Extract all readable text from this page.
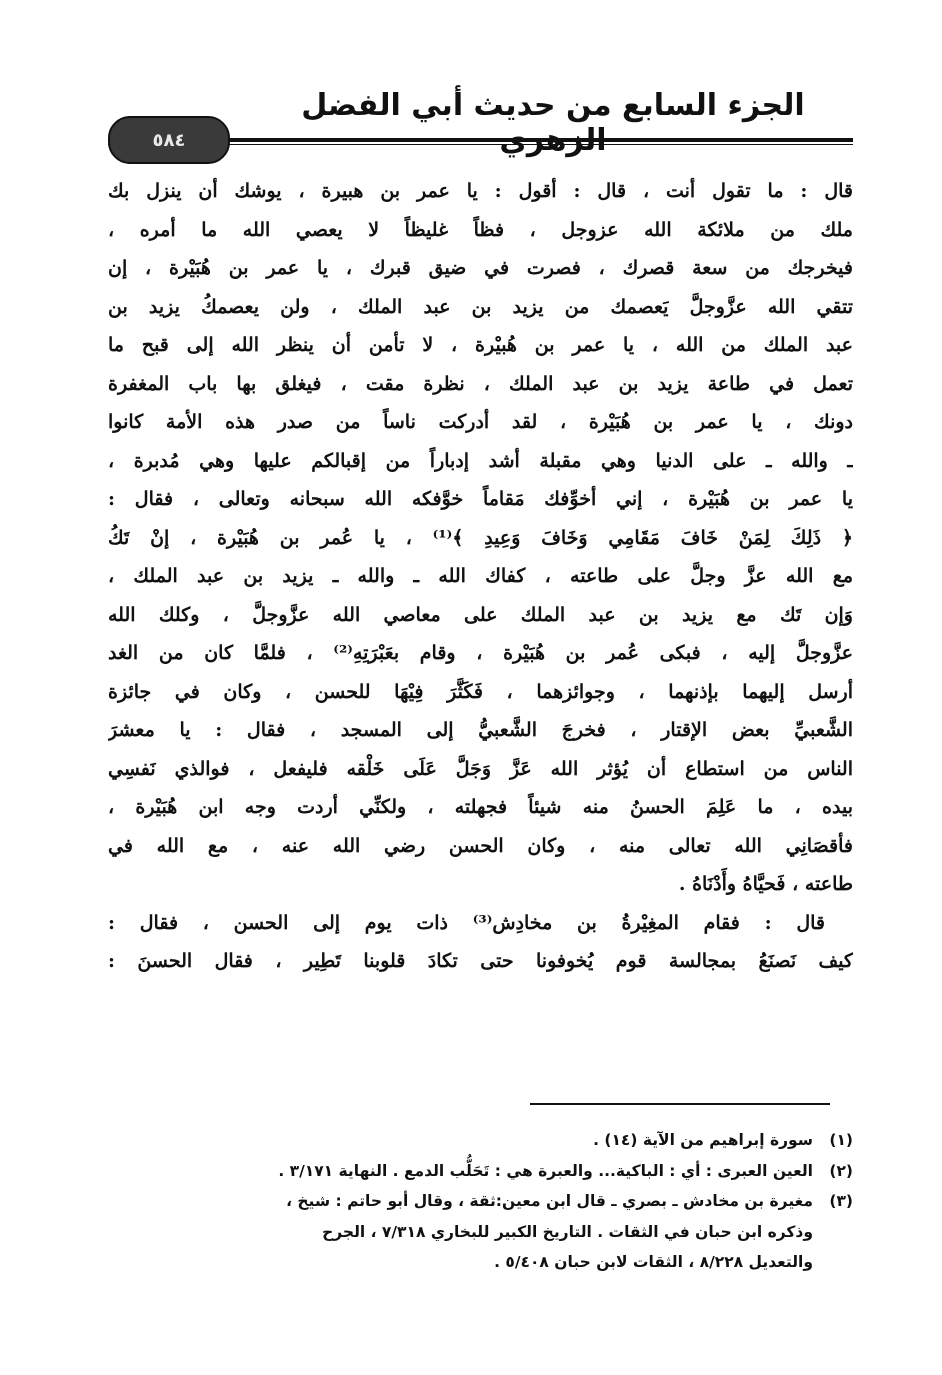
الجزء السابع من حديث أبي الفضل
٥٨٤
قال : ما تقول أنت ، قال : أقول : يا عمر بن هبيرة ، يوشك أن ينزل بك
ملك من ملائكة الله عزوجل ، فظاً غليظاً لا يعصي الله ما أمره ،
فيخرجك من سعة قصرك ، فصرت في ضيق قبرك ، يا عمر بن هُبَيْرة ، إن
تتقي الله عزَّوجلَّ يَعصمك من يزيد بن عبد الملك ، ولن يعصمكُ يزيد بن
عبد الملك من الله ، يا عمر بن هُبيْرة ، لا تأمن أن ينظر الله إلى قبح ما
تعمل في طاعة يزيد بن عبد الملك ، نظرة مقت ، فيغلق بها باب المغفرة
دونك ، يا عمر بن هُبَيْرة ، لقد أدركت ناساً من صدر هذه الأمة كانوا
ـ والله ـ على الدنيا وهي مقبلة أشد إدباراً من إقبالكم عليها وهي مُدبرة ،
يا عمر بن هُبَيْرة ، إني أخوِّفك مَقاماً خوَّفكه الله سبحانه وتعالى ، فقال :
﴿ ذَلِكَ لِمَنْ خَافَ مَقَامِي وَخَافَ وَعِيدِ ﴾⁽¹⁾ ، يا عُمر بن هُبَيْرة ، إنْ تَكُ
مع الله عزَّ وجلَّ على طاعته ، كفاك الله ـ والله ـ يزيد بن عبد الملك ،
وَإن تَك مع يزيد بن عبد الملك على معاصي الله عزَّوجلَّ ، وكلك الله
عزَّوجلَّ إليه ، فبكى عُمر بن هُبَيْرة ، وقام بعَبْرَتِهِ⁽²⁾ ، فلمَّا كان من الغد
أرسل إليهما بإذنهما ، وجوائزهما ، فَكَثَّرَ فِيْهَا للحسن ، وكان في جائزة
الشَّعبيِّ بعض الإقتار ، فخرجَ الشَّعبيُّ إلى المسجد ، فقال : يا معشرَ
الناس من استطاع أن يُؤثر الله عَزَّ وَجَلَّ عَلَى خَلْقه فليفعل ، فوالذي نَفسِي
بيده ، ما عَلِمَ الحسنُ منه شيئاً فجهلته ، ولكنِّي أردت وجه ابن هُبَيْرة ،
فأقصَانِي الله تعالى منه ، وكان الحسن رضي الله عنه ، مع الله في
طاعته ، فَحيَّاهُ وأَدْنَاهُ .
قال : فقام المغِيْرةُ بن مخادِش⁽³⁾ ذات يوم إلى الحسن ، فقال :
كيف نَصنَعُ بمجالسة قوم يُخوفونا حتى تكادَ قلوبنا تَطِير ، فقال الحسنَ :
(١)
سورة إبراهيم من الآية (١٤) .
(٢)
العين العبرى : أي : الباكية... والعبرة هي : تَحَلُّب الدمع . النهاية ٣/١٧١ .
(٣)
مغيرة بن مخادش ـ بصري ـ قال ابن معين:ثقة ، وقال أبو حاتم : شيخ ،
وذكره ابن حبان في الثقات . التاريخ الكبير للبخاري ٧/٣١٨ ، الجرح
والتعديل ٨/٢٢٨ ، الثقات لابن حبان ٥/٤٠٨ .
